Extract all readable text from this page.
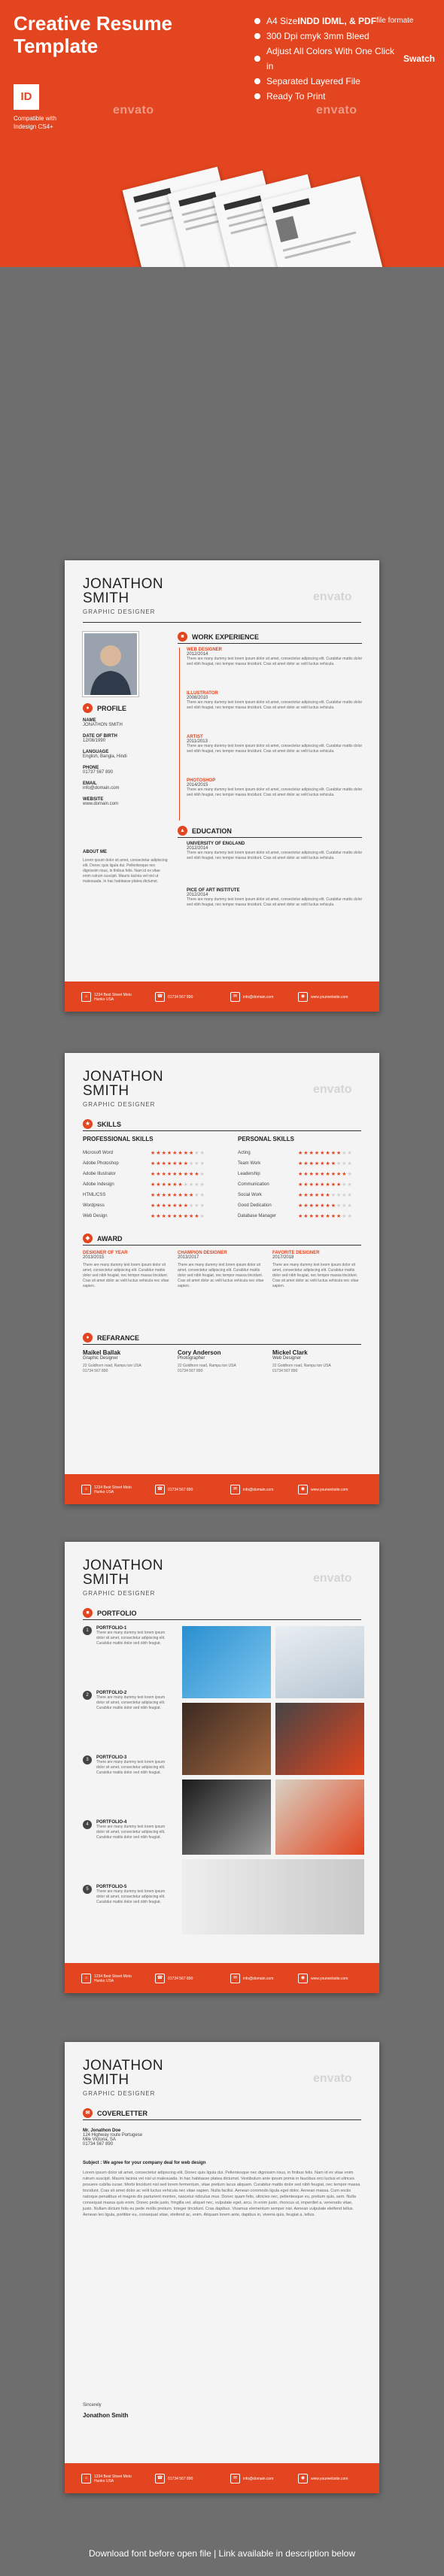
Creative Resume
Template
ID
Compatible with
Indesign CS4+
A4 Size INDD IDML, & PDF file formate
300 Dpi cmyk 3mm Bleed
Adjust All Colors With One Click in
Swatch
Separated Layered File
Ready To Print
envato	envato
JONATHON
SMITH
GRAPHIC DESIGNER
envato
●	PROFILE
NAME
JONATHON SMITH
DATE OF BIRTH
12/08/1990
LANGUAGE
English, Bangla, Hindi
PHONE
01737 567 890
EMAIL
info@domain.com
WEBSITE
www.domain.com
ABOUT ME
Lorem ipsum dolor sit amet, consectetur adipiscing elit. Donec quis ligula dui. Pellentesque nec dignissim risus, in finibus felis. Nam id ex vitae enim rutrum suscipit. Mauris lacinia vel nisl ut malesuada. In hac habitasse platea dictumst.
■	WORK EXPERIENCE
WEB DESIGNER
2012/2014
There are many dummy text lorem ipsum dolor sit amet, consectetur adipiscing elit. Curabitur mattis dolor sed nibh feugiat, nec tempor massa tincidunt. Cras sit amet dolor ac velit luctus vehicula.
ILLUSTRATOR
2008/2010
There are many dummy text lorem ipsum dolor sit amet, consectetur adipiscing elit. Curabitur mattis dolor sed nibh feugiat, nec tempor massa tincidunt. Cras sit amet dolor ac velit luctus vehicula.
ARTIST
2011/2013
There are many dummy text lorem ipsum dolor sit amet, consectetur adipiscing elit. Curabitur mattis dolor sed nibh feugiat, nec tempor massa tincidunt. Cras sit amet dolor ac velit luctus vehicula.
PHOTOSHOP
2014/2015
There are many dummy text lorem ipsum dolor sit amet, consectetur adipiscing elit. Curabitur mattis dolor sed nibh feugiat, nec tempor massa tincidunt. Cras sit amet dolor ac velit luctus vehicula.
▲	EDUCATION
UNIVERSITY OF ENGLAND
2012/2014
There are many dummy text lorem ipsum dolor sit amet, consectetur adipiscing elit. Curabitur mattis dolor sed nibh feugiat, nec tempor massa tincidunt. Cras sit amet dolor ac velit luctus vehicula.
PICE OF ART INSTITUTE
2012/2014
There are many dummy text lorem ipsum dolor sit amet, consectetur adipiscing elit. Curabitur mattis dolor sed nibh feugiat, nec tempor massa tincidunt. Cras sit amet dolor ac velit luctus vehicula.
⌂	1234 Best Street Moto Hunko USA
☎	01734 567 890	✉	info@domain.com	◉	www.yourwebsite.com
JONATHON
SMITH
GRAPHIC DESIGNER
envato
★	SKILLS
PROFESSIONAL SKILLS	PERSONAL SKILLS
Microsoft Word	★★★★★★★★★★
Adobe Photoshop	★★★★★★★★★★
Adobe Illustrator	★★★★★★★★★★
Adobe Indesign	★★★★★★★★★★
HTML/CSS	★★★★★★★★★★
Wordpress	★★★★★★★★★★
Web Design	★★★★★★★★★★
Acting	★★★★★★★★★★
Team Work	★★★★★★★★★★
Leadership	★★★★★★★★★★
Communication	★★★★★★★★★★
Social Work	★★★★★★★★★★
Good Dedication	★★★★★★★★★★
Database Manager	★★★★★★★★★★
◆	AWARD
DESIGNER OF YEAR
2013/2015
There are many dummy text lorem ipsum dolor sit amet, consectetur adipiscing elit. Curabitur mattis dolor sed nibh feugiat, nec tempor massa tincidunt. Cras sit amet dolor ac velit luctus vehicula nec vitae sapien.
CHAMPION DESIGNER
2013/2017
There are many dummy text lorem ipsum dolor sit amet, consectetur adipiscing elit. Curabitur mattis dolor sed nibh feugiat, nec tempor massa tincidunt. Cras sit amet dolor ac velit luctus vehicula nec vitae sapien.
FAVORITE DESIGNER
2017/2018
There are many dummy text lorem ipsum dolor sit amet, consectetur adipiscing elit. Curabitur mattis dolor sed nibh feugiat, nec tempor massa tincidunt. Cras sit amet dolor ac velit luctus vehicula nec vitae sapien.
●	REFARANCE
Maikel Ballak
Graphic Designer
22 Goldhorn road, Rampu ton USA
01734 567 890
Cory Anderson
Photographer
22 Goldhorn road, Rampu ton USA
01734 567 890
Mickel Clark
Web Designer
22 Goldhorn road, Rampu ton USA
01734 567 890
⌂	1234 Best Street Moto Hunko USA
☎	01734 567 890	✉	info@domain.com	◉	www.yourwebsite.com
JONATHON
SMITH
GRAPHIC DESIGNER
envato
■	PORTFOLIO
1	PORTFOLIO-1
There are many dummy text lorem ipsum dolor sit amet, consectetur adipiscing elit. Curabitur mattis dolor sed nibh feugiat.
2	PORTFOLIO-2
There are many dummy text lorem ipsum dolor sit amet, consectetur adipiscing elit. Curabitur mattis dolor sed nibh feugiat.
3	PORTFOLIO-3
There are many dummy text lorem ipsum dolor sit amet, consectetur adipiscing elit. Curabitur mattis dolor sed nibh feugiat.
4	PORTFOLIO-4
There are many dummy text lorem ipsum dolor sit amet, consectetur adipiscing elit. Curabitur mattis dolor sed nibh feugiat.
5	PORTFOLIO-5
There are many dummy text lorem ipsum dolor sit amet, consectetur adipiscing elit. Curabitur mattis dolor sed nibh feugiat.
⌂	1234 Best Street Moto Hunko USA
☎	01734 567 890	✉	info@domain.com	◉	www.yourwebsite.com
JONATHON
SMITH
GRAPHIC DESIGNER
envato
✉	COVERLETTER
Mr. Jonathon Doe
124 Highway route Portugese
Mile Victoria, SA
01734 567 890
Subject : We agree for your company deal for web design
Lorem ipsum dolor sit amet, consectetur adipiscing elit. Donec quis ligula dui. Pellentesque nec dignissim risus, in finibus felis. Nam id ex vitae enim rutrum suscipit. Mauris lacinia vel nisl ut malesuada. In hac habitasse platea dictumst. Vestibulum ante ipsum primis in faucibus orci luctus et ultrices posuere cubilia curae; Morbi tincidunt nisl sed lorem fermentum, vitae pretium lacus aliquam. Curabitur mattis dolor sed nibh feugiat, nec tempor massa tincidunt. Cras sit amet dolor ac velit luctus vehicula nec vitae sapien. Nulla facilisi. Aenean commodo ligula eget dolor. Aenean massa. Cum sociis natoque penatibus et magnis dis parturient montes, nascetur ridiculus mus. Donec quam felis, ultricies nec, pellentesque eu, pretium quis, sem. Nulla consequat massa quis enim. Donec pede justo, fringilla vel, aliquet nec, vulputate eget, arcu. In enim justo, rhoncus ut, imperdiet a, venenatis vitae, justo. Nullam dictum felis eu pede mollis pretium. Integer tincidunt. Cras dapibus. Vivamus elementum semper nisi. Aenean vulputate eleifend tellus. Aenean leo ligula, porttitor eu, consequat vitae, eleifend ac, enim. Aliquam lorem ante, dapibus in, viverra quis, feugiat a, tellus.
Sincerely
Jonathon Smith
⌂	1234 Best Street Moto Hunko USA
☎	01734 567 890	✉	info@domain.com	◉	www.yourwebsite.com
Download font before open file | Link available in description below
